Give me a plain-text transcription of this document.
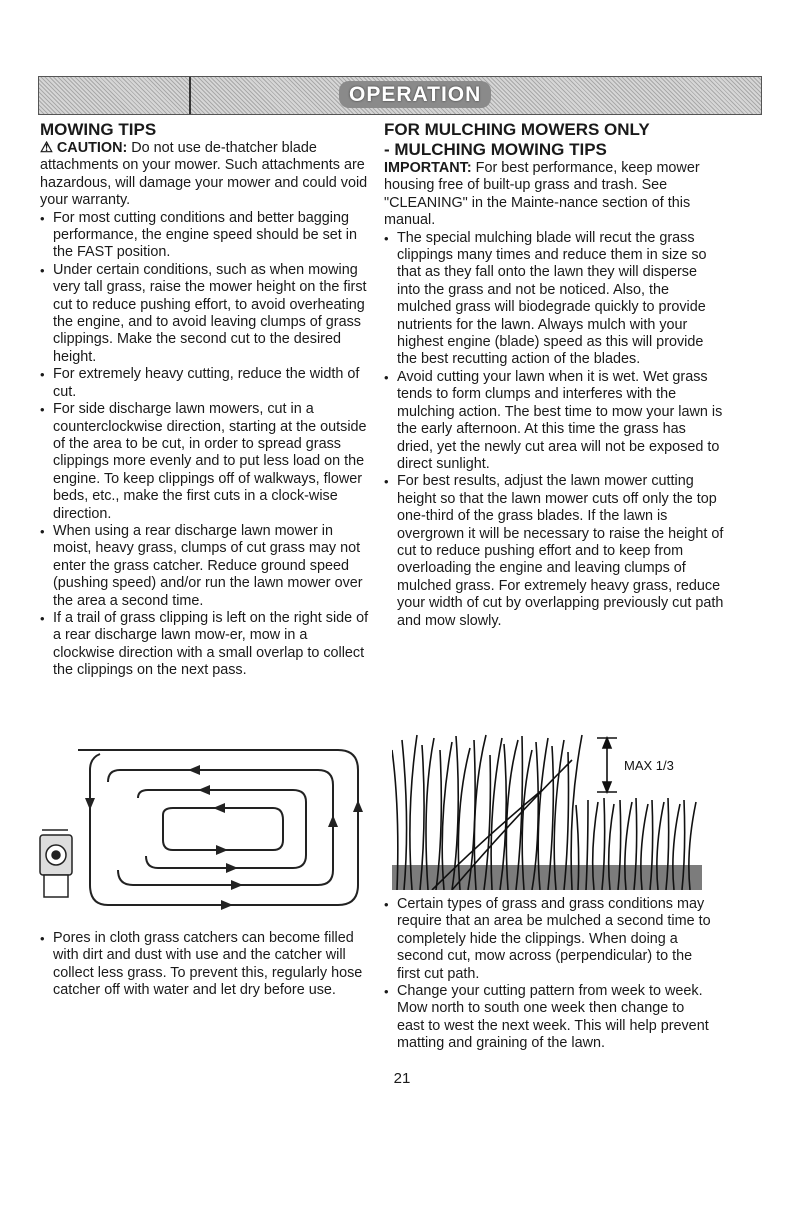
OPERATION
MOWING TIPS

⚠ CAUTION: Do not use de-thatcher blade attachments on your mower. Such attachments are hazardous, will damage your mower and could void your warranty.

• For most cutting conditions and better bagging performance, the engine speed should be set in the FAST position.
• Under certain conditions, such as when mowing very tall grass, raise the mower height on the first cut to reduce pushing effort, to avoid overheating the engine, and to avoid leaving clumps of grass clippings. Make the second cut to the desired height.
• For extremely heavy cutting, reduce the width of cut.
• For side discharge lawn mowers, cut in a counterclockwise direction, starting at the outside of the area to be cut, in order to spread grass clippings more evenly and to put less load on the engine. To keep clippings off of walkways, flower beds, etc., make the first cuts in a clock-wise direction.
• When using a rear discharge lawn mower in moist, heavy grass, clumps of cut grass may not enter the grass catcher. Reduce ground speed (pushing speed) and/or run the lawn mower over the area a second time.
• If a trail of grass clipping is left on the right side of a rear discharge lawn mow-er, mow in a clockwise direction with a small overlap to collect the clippings on the next pass.
• Pores in cloth grass catchers can become filled with dirt and dust with use and the catcher will collect less grass. To prevent this, regularly hose catcher off with water and let dry before use.
FOR MULCHING MOWERS ONLY
- MULCHING MOWING TIPS

IMPORTANT: For best performance, keep mower housing free of built-up grass and trash. See "CLEANING" in the Mainte-nance section of this manual.

• The special mulching blade will recut the grass clippings many times and reduce them in size so that as they fall onto the lawn they will disperse into the grass and not be noticed. Also, the mulched grass will biodegrade quickly to provide nutrients for the lawn. Always mulch with your highest engine (blade) speed as this will provide the best recutting action of the blades.
• Avoid cutting your lawn when it is wet. Wet grass tends to form clumps and interferes with the mulching action. The best time to mow your lawn is the early afternoon. At this time the grass has dried, yet the newly cut area will not be exposed to direct sunlight.
• For best results, adjust the lawn mower cutting height so that the lawn mower cuts off only the top one-third of the grass blades. If the lawn is overgrown it will be necessary to raise the height of cut to reduce pushing effort and to keep from overloading the engine and leaving clumps of mulched grass. For extremely heavy grass, reduce your width of cut by overlapping previously cut path and mow slowly.
MAX 1/3
• Certain types of grass and grass conditions may require that an area be mulched a second time to completely hide the clippings. When doing a second cut, mow across (perpendicular) to the first cut path.
• Change your cutting pattern from week to week. Mow north to south one week then change to east to west the next week. This will help prevent matting and graining of the lawn.
21
